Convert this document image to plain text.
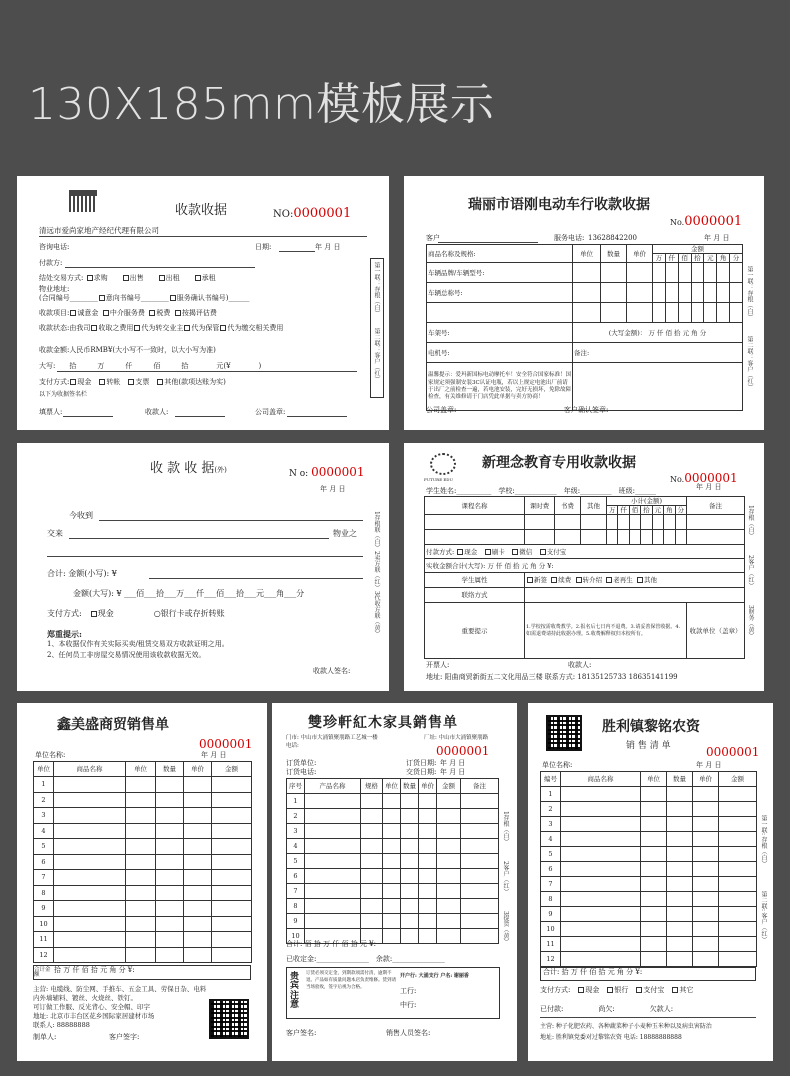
130X185mm模板展示
收款收据	NO:0000001
清远市爱尚家地产经纪代理有限公司
咨询电话:	日期:	年 月 日
付款方:
结处交易方式: 求购  	出售  	出租  	承租
物业地址:
(合同编号________ 意向书编号________ 服务确认书编号)______
收款项目: 诚意金  中介服务费  税费  按揭评估费
收款状态:由我司 收取之费用 代为转交业主 代为保管 代为缴交相关费用
收款金额:人民币RMB¥(大小写不一致时，以大小写为准)
大写:   拾   	万   	仟   	佰   	拾    	元(¥    )
支付方式: 现金  转帐  支票  其他(款项达账为实)
以下为收据签名栏
填票人:	收款人:	公司盖章:
第一联：存根（白）
第二联：客户（红）
瑞丽市语刚电动车行收款收据
No.0000001
客户	服务电话: 13628842200	年 月 日
商品名称及规格:	单位	数量	单价	金额						
				万	仟	佰	拾	元	角	分
车辆品牌/车辆型号:										
车辆总称号:										

车架号:	(大写金额)： 万 仟 佰 拾 元 角 分									
电机号:	备注:									
温馨提示：爱玛新国标电动摩托车！安全符合国家标准！国家规定须强制安装3C认证电瓶，若以上规定电池出厂前请于出厂之前检查一遍，若电池安装，完好无损坏，免除故障检查，有关维修请于门店凭此单据与卖方协商！										
公司盖章:	客户确认签章:
第一联：存根（白）
第二联：客户（红）
收 款 收 据(外)	N o: 0000001
年 月 日
今收到
交来	物业之
合计: 金额(小写): ¥
金额(大写): ¥ ___佰___拾___万___仟___佰___拾___元___角___分
支付方式:  现金     ○银行卡或存折转账
郑重提示:
1、本收据仅作有关实际买卖/租赁交易双方收款证明之用。
2、任何员工非房屋交易情况使用该收款收据无效。
收款人签名:
1存根联（白）
2卖方联（红）
3代收方联（黄）
FUTURE EDU
新理念教育专用收款收据
No.0000001
年 月 日
学生姓名:__________ 学校:____________ 年级:_________ 班级:______
课程名称	课时费	书费	其他	小计(金额)							备注
				万	仟	佰	拾	元	角	分	

付款方式: 现金  刷卡  微信  支付宝											
实收金额合计(大写): 万 仟 佰 拾 元 角 分 ¥:											
学生属性	新签  续费  转介绍  老再生  其他										
联络方式											
重要提示	1.学校按需收费教学。2.报名后七日内不退费。3.请妥善保管收据。4.如需退费请持此收据办理。5.收费解释权归本校所有。										收款单位（盖章）
开票人:	收款人:
地址: 阳曲商贸新街五二文化用品三楼 联系方式: 18135125733 18635141199
1存根（白）
2客户（红）
3财务（黄）
鑫美盛商贸销售单
0000001
单位名称:	年 月 日
单位	商品名称	单位	数量	单价	金额
1					
2					
3					
4					
5					
6					
7					
8					
9					
10					
11					
12					
合计金额拾 万 仟 佰 拾 元 角 分 ¥:
主营: 电缆线、防尘网、手推车、五金工具、劳保日杂、电料
内外墙辅料、镀丝、火烧丝、铁钉。
可订做工作服、反光背心、安全帽、印字
地址: 北京市丰台区花乡国际家居建材市场
联系人: 88888888
制单人:	客户签字:
雙珍軒紅木家具銷售单
门市: 中山市大涌镇聚朋路工艺城一楼	厂址: 中山市大涌镇聚朋路
电话:	0000001
订货单位:
订货电话:
订货日期:  年 月 日
交货日期:  年 月 日
序号	产品名称	规格	单位	数量	单价	金额	备注
1							
2							
3							
4							
5							
6							
7							
8							
9							
10							
合计: 佰 拾 万 仟 佰 拾 元 ¥:
已收定金:_______________ 余款:_______________
贵宾注意
订货必须交定金，到期款项需付清，逾期不退。产品如有质量问题本店负责维修。货到请当场验收，签字后视为合格。
开户行: 大涌支行 户名: 谢丽香
工行:
中行:
客户签名:	销售人员签名:
1存根（白）
2客户（红）
3提货（黄）
胜利镇黎铭农资
销 售 清 单	0000001
单位名称:	年 月 日
编号	商品名称	单位	数量	单价	金额
1					
2					
3					
4					
5					
6					
7					
8					
9					
10					
11					
12					
合计: 拾 万 仟 佰 拾 元 角 分 ¥:
支付方式:  现金  银行  支付宝  其它
已付款:     	尚欠:     	欠款人:
主营: 种子化肥农药、各种蔬菜种子小麦种玉米种以及病虫害防治
地址: 胜利镇党委对过黎铭农资 电话: 18888888888
第一联: 存根（白）
第二联: 客户（红）
